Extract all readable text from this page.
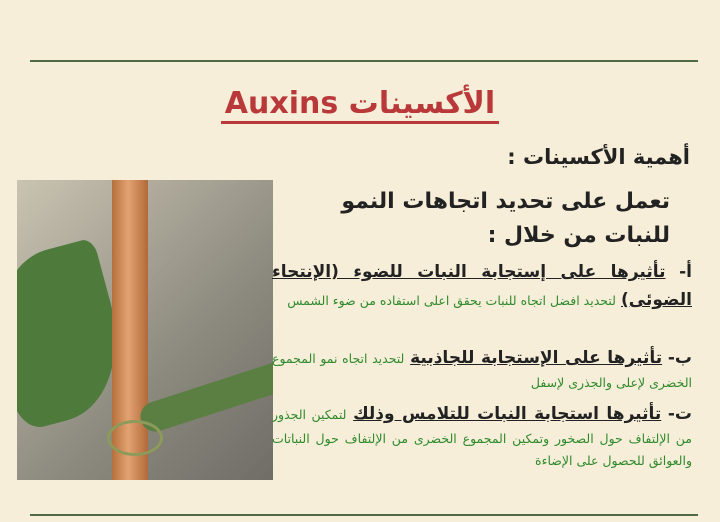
الأكسينات Auxins
أهمية الأكسينات :
تعمل على تحديد اتجاهات النمو للنبات من خلال :
أ- تأثيرها على إستجابة النبات للضوء (الإنتحاء الضوئى) لتحديد افضل اتجاه للنبات يحقق اعلى استفاده من ضوء الشمس
ب- تأثيرها على الإستجابة للجاذبية لتحديد اتجاه نمو المجموع الخضرى لإعلى والجذرى لإسفل
ت- تأثيرها استجابة النبات للتلامس وذلك لتمكين الجذور من الإلتفاف حول الصخور وتمكين المجموع الخضرى من الإلتفاف حول النباتات والعوائق للحصول على الإضاءة
